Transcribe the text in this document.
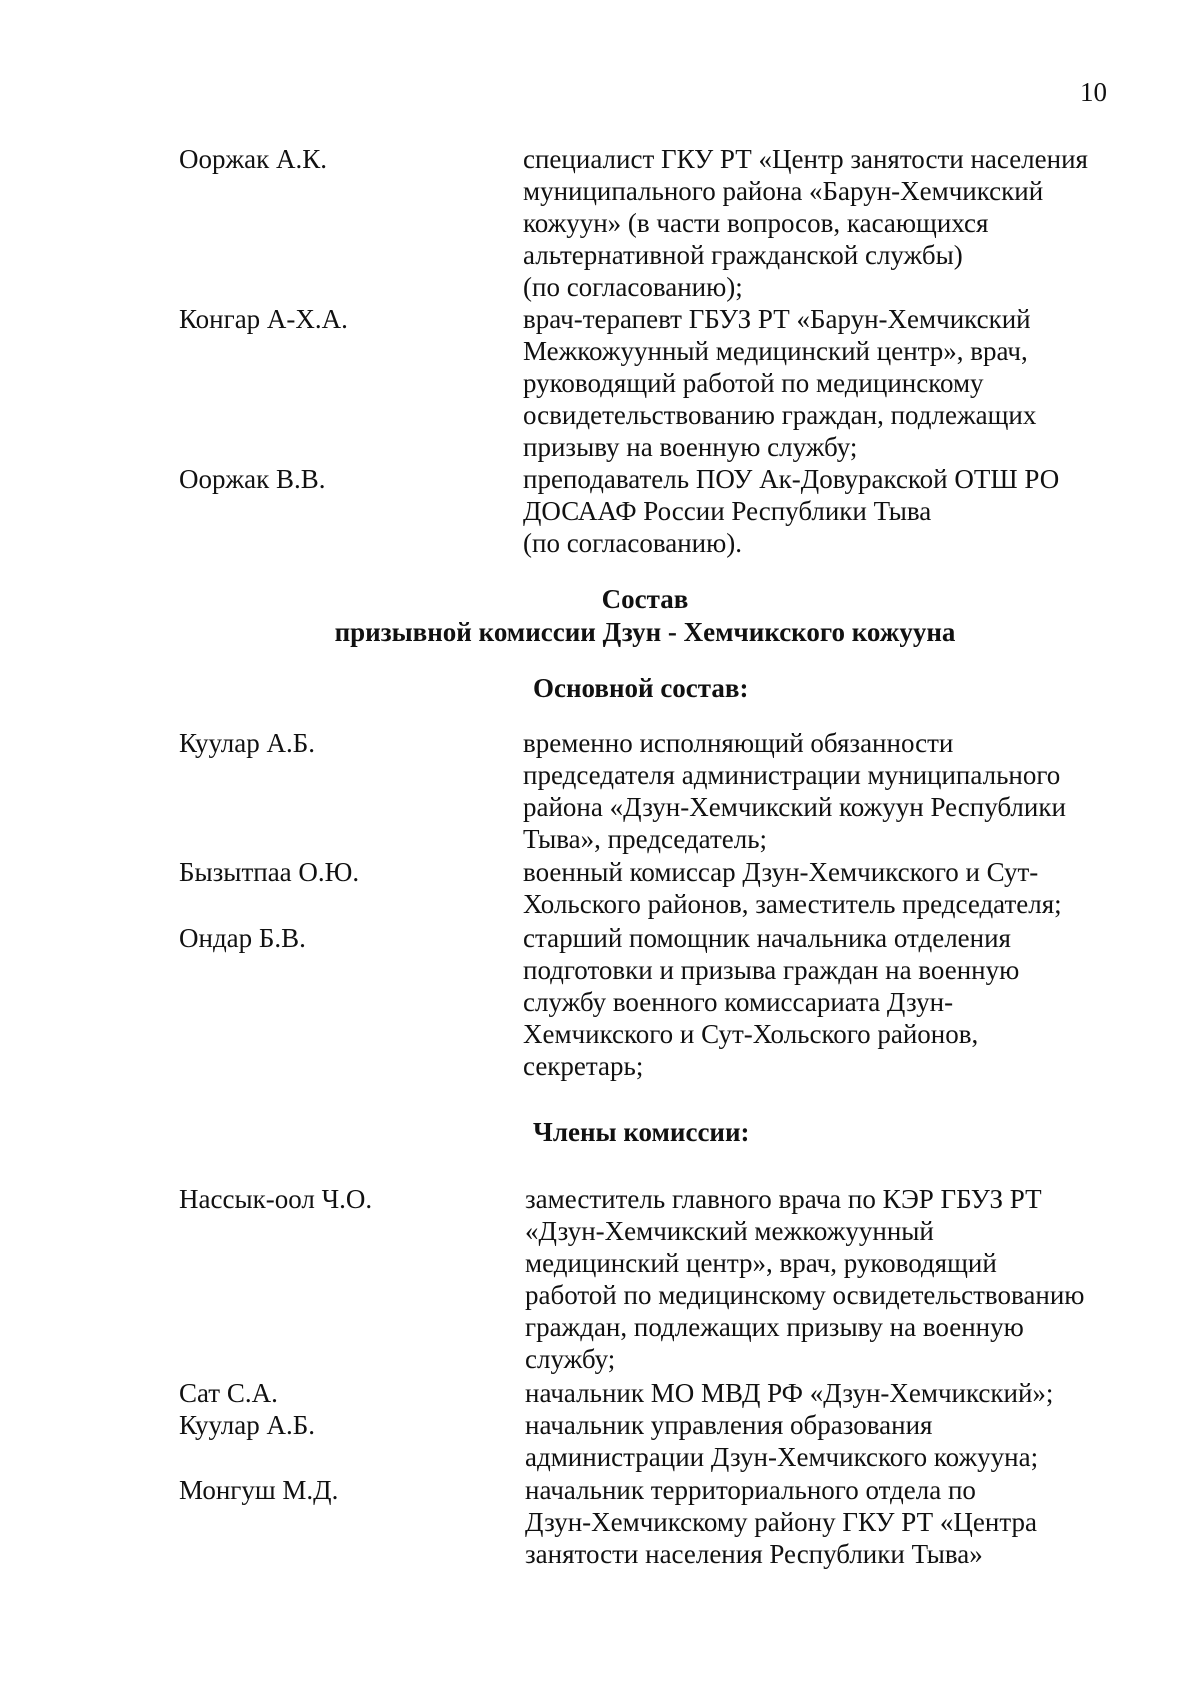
10
Ооржак А.К.	специалист ГКУ РТ «Центр занятости населения
муниципального района «Барун-Хемчикский
кожуун» (в части вопросов, касающихся
альтернативной гражданской службы)
(по согласованию);
Конгар А-Х.А.	врач-терапевт ГБУЗ РТ «Барун-Хемчикский
Межкожуунный медицинский центр», врач,
руководящий работой по медицинскому
освидетельствованию граждан, подлежащих
призыву на военную службу;
Ооржак В.В.	преподаватель ПОУ Ак-Довуракской ОТШ РО
ДОСААФ России Республики Тыва
(по согласованию).
Состав
призывной комиссии Дзун - Хемчикского кожууна
Основной состав:
Куулар А.Б.	временно исполняющий обязанности
председателя администрации муниципального
района «Дзун-Хемчикский кожуун Республики
Тыва», председатель;
Бызытпаа О.Ю.	военный комиссар Дзун-Хемчикского и Сут-
Хольского районов, заместитель председателя;
Ондар Б.В.	старший помощник начальника отделения
подготовки и призыва граждан на военную
службу военного комиссариата Дзун-
Хемчикского и Сут-Хольского районов,
секретарь;
Члены комиссии:
Нассык-оол Ч.О.	заместитель главного врача по КЭР ГБУЗ РТ
«Дзун-Хемчикский межкожуунный
медицинский центр», врач, руководящий
работой по медицинскому освидетельствованию
граждан, подлежащих призыву на военную
службу;
Сат С.А.	начальник МО МВД РФ «Дзун-Хемчикский»;
Куулар А.Б.	начальник управления образования
администрации Дзун-Хемчикского кожууна;
Монгуш М.Д.	начальник территориального отдела по
Дзун-Хемчикскому району ГКУ РТ «Центра
занятости населения Республики Тыва»
